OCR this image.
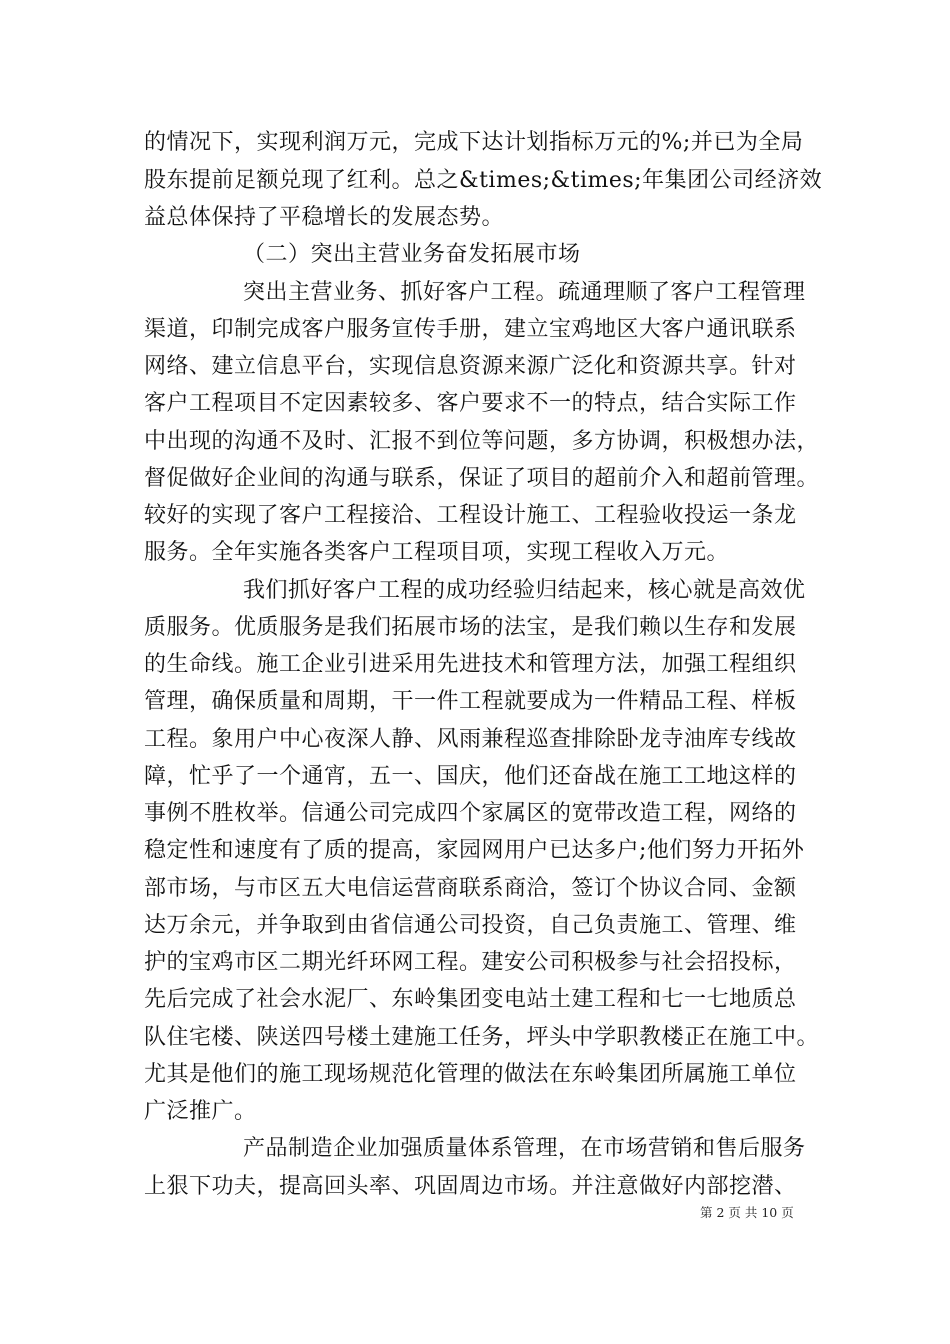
的情况下，实现利润万元，完成下达计划指标万元的%;并已为全局
股东提前足额兑现了红利。总之&times;&times;年集团公司经济效
益总体保持了平稳增长的发展态势。
（二）突出主营业务奋发拓展市场
突出主营业务、抓好客户工程。疏通理顺了客户工程管理
渠道，印制完成客户服务宣传手册，建立宝鸡地区大客户通讯联系
网络、建立信息平台，实现信息资源来源广泛化和资源共享。针对
客户工程项目不定因素较多、客户要求不一的特点，结合实际工作
中出现的沟通不及时、汇报不到位等问题，多方协调，积极想办法，
督促做好企业间的沟通与联系，保证了项目的超前介入和超前管理。
较好的实现了客户工程接洽、工程设计施工、工程验收投运一条龙
服务。全年实施各类客户工程项目项，实现工程收入万元。
我们抓好客户工程的成功经验归结起来，核心就是高效优
质服务。优质服务是我们拓展市场的法宝，是我们赖以生存和发展
的生命线。施工企业引进采用先进技术和管理方法，加强工程组织
管理，确保质量和周期，干一件工程就要成为一件精品工程、样板
工程。象用户中心夜深人静、风雨兼程巡查排除卧龙寺油库专线故
障，忙乎了一个通宵，五一、国庆，他们还奋战在施工工地这样的
事例不胜枚举。信通公司完成四个家属区的宽带改造工程，网络的
稳定性和速度有了质的提高，家园网用户已达多户;他们努力开拓外
部市场，与市区五大电信运营商联系商洽，签订个协议合同、金额
达万余元，并争取到由省信通公司投资，自己负责施工、管理、维
护的宝鸡市区二期光纤环网工程。建安公司积极参与社会招投标，
先后完成了社会水泥厂、东岭集团变电站土建工程和七一七地质总
队住宅楼、陕送四号楼土建施工任务，坪头中学职教楼正在施工中。
尤其是他们的施工现场规范化管理的做法在东岭集团所属施工单位
广泛推广。
产品制造企业加强质量体系管理，在市场营销和售后服务
上狠下功夫，提高回头率、巩固周边市场。并注意做好内部挖潜、
第 2 页 共 10 页
